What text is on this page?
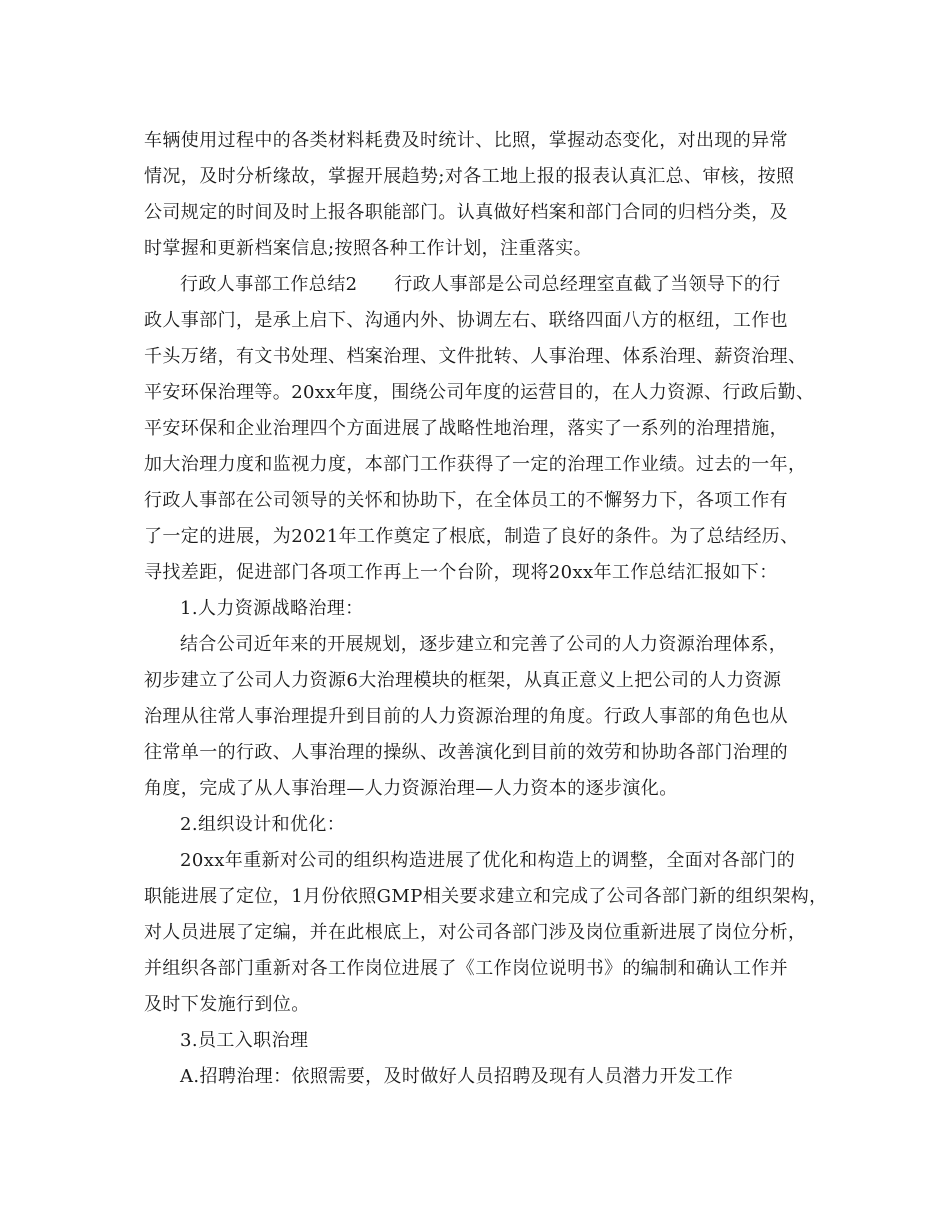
车辆使用过程中的各类材料耗费及时统计、比照，掌握动态变化，对出现的异常
情况，及时分析缘故，掌握开展趋势;对各工地上报的报表认真汇总、审核，按照
公司规定的时间及时上报各职能部门。认真做好档案和部门合同的归档分类，及
时掌握和更新档案信息;按照各种工作计划，注重落实。
行政人事部工作总结2　　行政人事部是公司总经理室直截了当领导下的行
政人事部门，是承上启下、沟通内外、协调左右、联络四面八方的枢纽，工作也
千头万绪，有文书处理、档案治理、文件批转、人事治理、体系治理、薪资治理、
平安环保治理等。20xx年度，围绕公司年度的运营目的，在人力资源、行政后勤、
平安环保和企业治理四个方面进展了战略性地治理，落实了一系列的治理措施，
加大治理力度和监视力度，本部门工作获得了一定的治理工作业绩。过去的一年，
行政人事部在公司领导的关怀和协助下，在全体员工的不懈努力下，各项工作有
了一定的进展，为2021年工作奠定了根底，制造了良好的条件。为了总结经历、
寻找差距，促进部门各项工作再上一个台阶，现将20xx年工作总结汇报如下：
1.人力资源战略治理：
结合公司近年来的开展规划，逐步建立和完善了公司的人力资源治理体系，
初步建立了公司人力资源6大治理模块的框架，从真正意义上把公司的人力资源
治理从往常人事治理提升到目前的人力资源治理的角度。行政人事部的角色也从
往常单一的行政、人事治理的操纵、改善演化到目前的效劳和协助各部门治理的
角度，完成了从人事治理—人力资源治理—人力资本的逐步演化。
2.组织设计和优化：
20xx年重新对公司的组织构造进展了优化和构造上的调整，全面对各部门的
职能进展了定位，1月份依照GMP相关要求建立和完成了公司各部门新的组织架构，
对人员进展了定编，并在此根底上，对公司各部门涉及岗位重新进展了岗位分析，
并组织各部门重新对各工作岗位进展了《工作岗位说明书》的编制和确认工作并
及时下发施行到位。
3.员工入职治理
A.招聘治理：依照需要，及时做好人员招聘及现有人员潜力开发工作
